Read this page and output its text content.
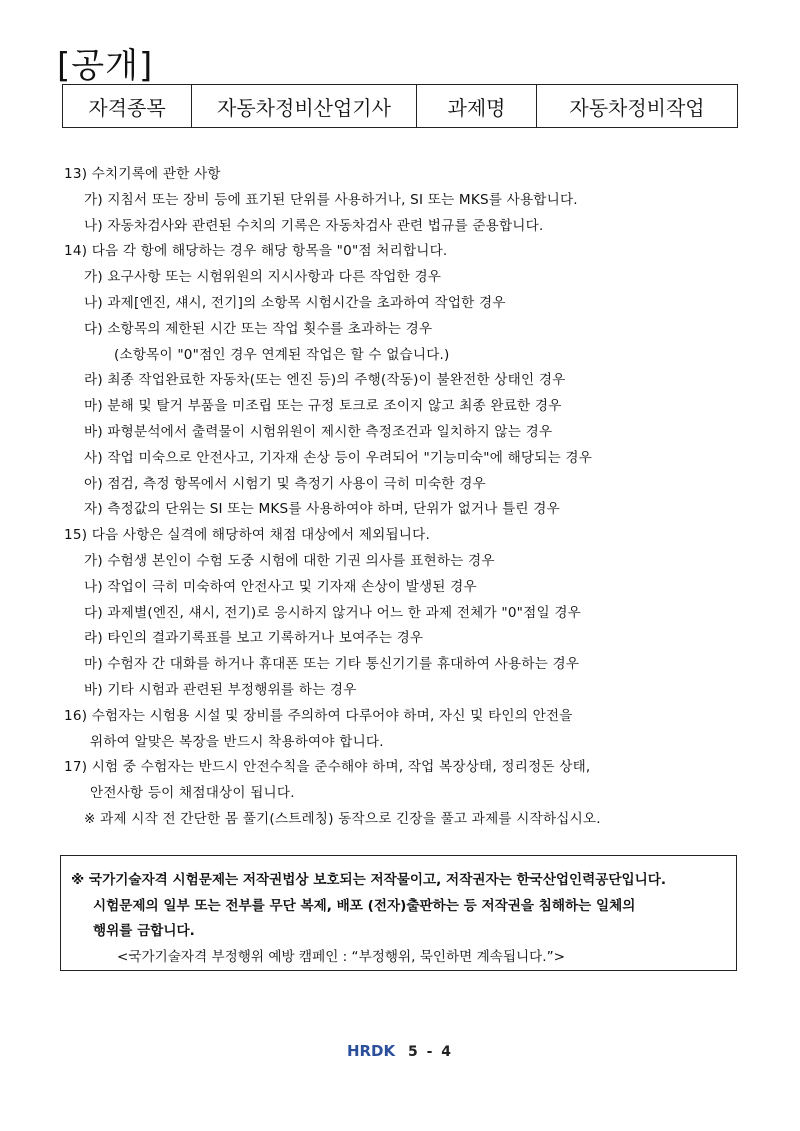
[공개]
자격종목	자동차정비산업기사	과제명	자동차정비작업
13) 수치기록에 관한 사항
가) 지침서 또는 장비 등에 표기된 단위를 사용하거나, SI 또는 MKS를 사용합니다.
나) 자동차검사와 관련된 수치의 기록은 자동차검사 관련 법규를 준용합니다.
14) 다음 각 항에 해당하는 경우 해당 항목을 "0"점 처리합니다.
가) 요구사항 또는 시험위원의 지시사항과 다른 작업한 경우
나) 과제[엔진, 섀시, 전기]의 소항목 시험시간을 초과하여 작업한 경우
다) 소항목의 제한된 시간 또는 작업 횟수를 초과하는 경우
(소항목이 "0"점인 경우 연계된 작업은 할 수 없습니다.)
라) 최종 작업완료한 자동차(또는 엔진 등)의 주행(작동)이 불완전한 상태인 경우
마) 분해 및 탈거 부품을 미조립 또는 규정 토크로 조이지 않고 최종 완료한 경우
바) 파형분석에서 출력물이 시험위원이 제시한 측정조건과 일치하지 않는 경우
사) 작업 미숙으로 안전사고, 기자재 손상 등이 우려되어 "기능미숙"에 해당되는 경우
아) 점검, 측정 항목에서 시험기 및 측정기 사용이 극히 미숙한 경우
자) 측정값의 단위는 SI 또는 MKS를 사용하여야 하며, 단위가 없거나 틀린 경우
15) 다음 사항은 실격에 해당하여 채점 대상에서 제외됩니다.
가) 수험생 본인이 수험 도중 시험에 대한 기권 의사를 표현하는 경우
나) 작업이 극히 미숙하여 안전사고 및 기자재 손상이 발생된 경우
다) 과제별(엔진, 섀시, 전기)로 응시하지 않거나 어느 한 과제 전체가 "0"점일 경우
라) 타인의 결과기록표를 보고 기록하거나 보여주는 경우
마) 수험자 간 대화를 하거나 휴대폰 또는 기타 통신기기를 휴대하여 사용하는 경우
바) 기타 시험과 관련된 부정행위를 하는 경우
16) 수험자는 시험용 시설 및 장비를 주의하여 다루어야 하며, 자신 및 타인의 안전을
위하여 알맞은 복장을 반드시 착용하여야 합니다.
17) 시험 중 수험자는 반드시 안전수칙을 준수해야 하며, 작업 복장상태, 정리정돈 상태,
안전사항 등이 채점대상이 됩니다.
※ 과제 시작 전 간단한 몸 풀기(스트레칭) 동작으로 긴장을 풀고 과제를 시작하십시오.
※ 국가기술자격 시험문제는 저작권법상 보호되는 저작물이고, 저작권자는 한국산업인력공단입니다.
시험문제의 일부 또는 전부를 무단 복제, 배포 (전자)출판하는 등 저작권을 침해하는 일체의
행위를 금합니다.
<국가기술자격 부정행위 예방 캠페인 : “부정행위, 묵인하면 계속됩니다.”>
HRDK 5 - 4
